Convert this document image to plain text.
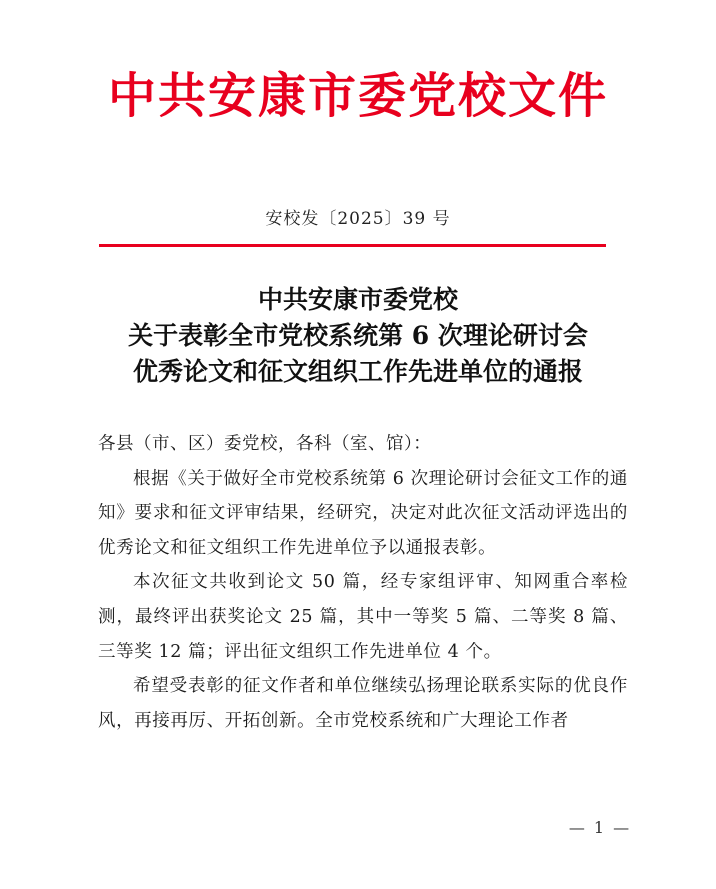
中共安康市委党校文件
安校发〔2025〕39 号
中共安康市委党校
关于表彰全市党校系统第 6 次理论研讨会
优秀论文和征文组织工作先进单位的通报
各县（市、区）委党校，各科（室、馆）：
根据《关于做好全市党校系统第 6 次理论研讨会征文工作的通知》要求和征文评审结果，经研究，决定对此次征文活动评选出的优秀论文和征文组织工作先进单位予以通报表彰。
本次征文共收到论文 50 篇，经专家组评审、知网重合率检测，最终评出获奖论文 25 篇，其中一等奖 5 篇、二等奖 8 篇、三等奖 12 篇；评出征文组织工作先进单位 4 个。
希望受表彰的征文作者和单位继续弘扬理论联系实际的优良作风，再接再厉、开拓创新。全市党校系统和广大理论工作者
— 1 —
